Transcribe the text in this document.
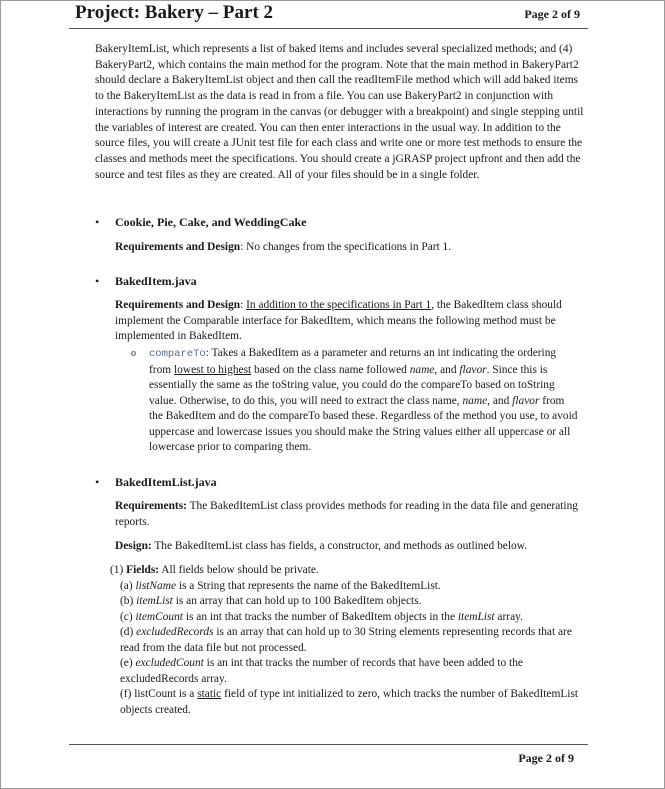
Project: Bakery – Part 2	Page 2 of 9
BakeryItemList, which represents a list of baked items and includes several specialized methods; and (4) BakeryPart2, which contains the main method for the program. Note that the main method in BakeryPart2 should declare a BakeryItemList object and then call the readItemFile method which will add baked items to the BakeryItemList as the data is read in from a file. You can use BakeryPart2 in conjunction with interactions by running the program in the canvas (or debugger with a breakpoint) and single stepping until the variables of interest are created. You can then enter interactions in the usual way. In addition to the source files, you will create a JUnit test file for each class and write one or more test methods to ensure the classes and methods meet the specifications. You should create a jGRASP project upfront and then add the source and test files as they are created. All of your files should be in a single folder.
• Cookie, Pie, Cake, and WeddingCake
Requirements and Design: No changes from the specifications in Part 1.
• BakedItem.java
Requirements and Design: In addition to the specifications in Part 1, the BakedItem class should implement the Comparable interface for BakedItem, which means the following method must be implemented in BakedItem.
o compareTo: Takes a BakedItem as a parameter and returns an int indicating the ordering from lowest to highest based on the class name followed name, and flavor. Since this is essentially the same as the toString value, you could do the compareTo based on toString value. Otherwise, to do this, you will need to extract the class name, name, and flavor from the BakedItem and do the compareTo based these. Regardless of the method you use, to avoid uppercase and lowercase issues you should make the String values either all uppercase or all lowercase prior to comparing them.
• BakedItemList.java
Requirements: The BakedItemList class provides methods for reading in the data file and generating reports.
Design: The BakedItemList class has fields, a constructor, and methods as outlined below.
(1) Fields: All fields below should be private.
(a) listName is a String that represents the name of the BakedItemList.
(b) itemList is an array that can hold up to 100 BakedItem objects.
(c) itemCount is an int that tracks the number of BakedItem objects in the itemList array.
(d) excludedRecords is an array that can hold up to 30 String elements representing records that are read from the data file but not processed.
(e) excludedCount is an int that tracks the number of records that have been added to the excludedRecords array.
(f) listCount is a static field of type int initialized to zero, which tracks the number of BakedItemList objects created.
Page 2 of 9
